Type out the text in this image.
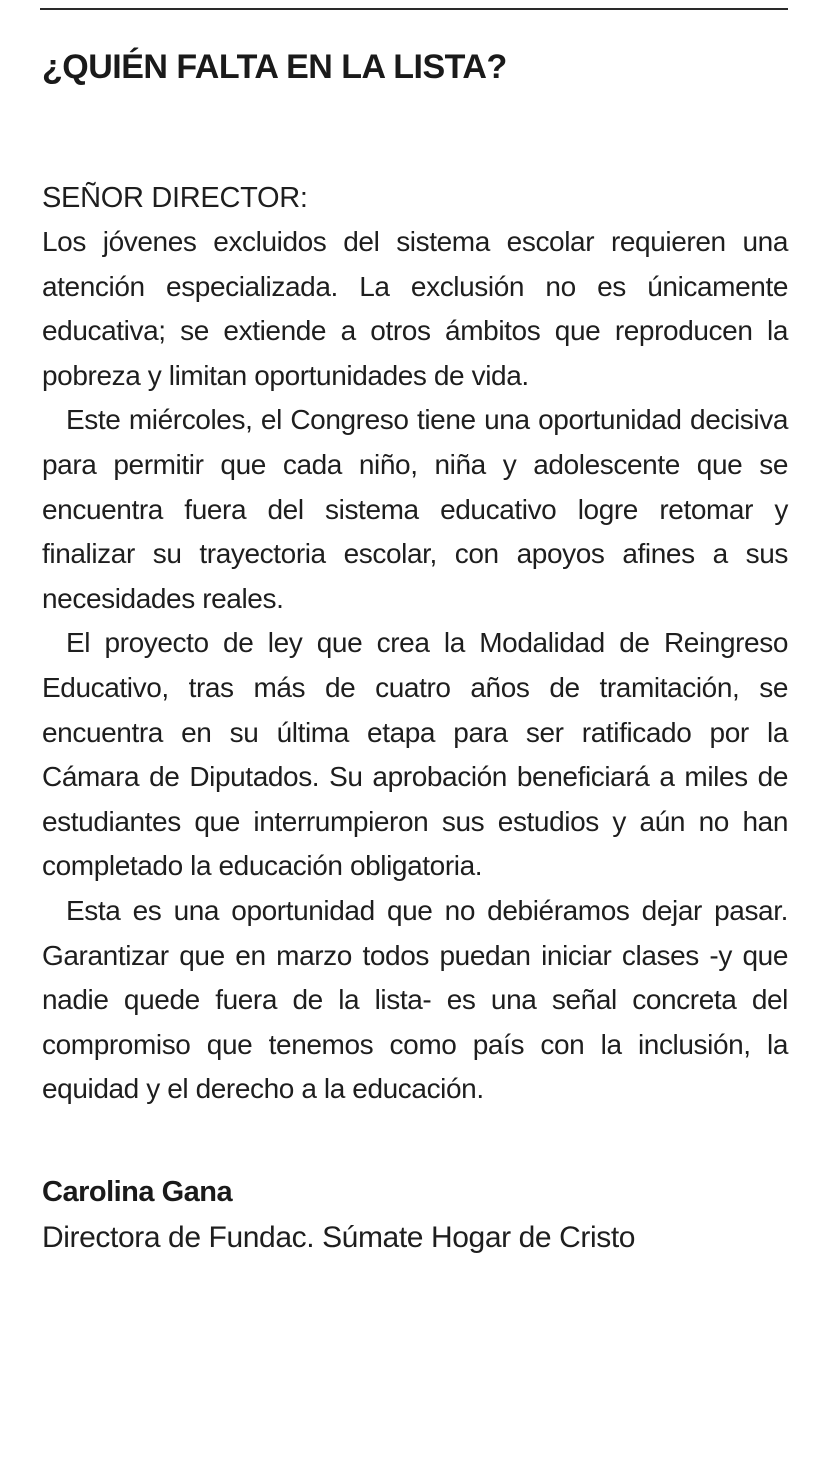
¿QUIÉN FALTA EN LA LISTA?

SEÑOR DIRECTOR:

Los jóvenes excluidos del sistema escolar requieren una atención especializada. La exclusión no es únicamente educativa; se extiende a otros ámbitos que reproducen la pobreza y limitan oportunidades de vida.

Este miércoles, el Congreso tiene una oportunidad decisiva para permitir que cada niño, niña y adolescente que se encuentra fuera del sistema educativo logre retomar y finalizar su trayectoria escolar, con apoyos afines a sus necesidades reales.

El proyecto de ley que crea la Modalidad de Reingreso Educativo, tras más de cuatro años de tramitación, se encuentra en su última etapa para ser ratificado por la Cámara de Diputados. Su aprobación beneficiará a miles de estudiantes que interrumpieron sus estudios y aún no han completado la educación obligatoria.

Esta es una oportunidad que no debiéramos dejar pasar. Garantizar que en marzo todos puedan iniciar clases -y que nadie quede fuera de la lista- es una señal concreta del compromiso que tenemos como país con la inclusión, la equidad y el derecho a la educación.

Carolina Gana

Directora de Fundac. Súmate Hogar de Cristo
